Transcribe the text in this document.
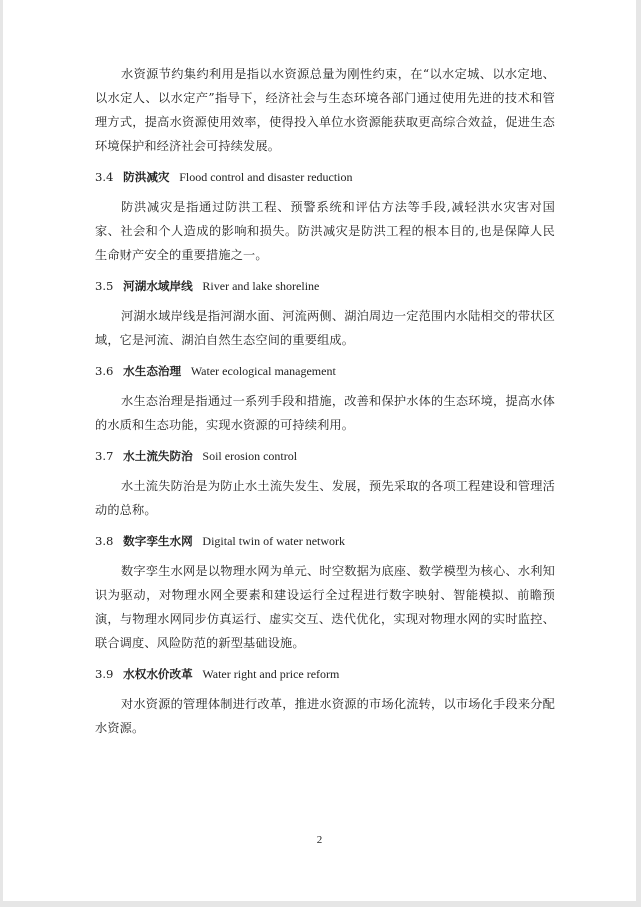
水资源节约集约利用是指以水资源总量为刚性约束，在“以水定城、以水定地、以水定人、以水定产”指导下，经济社会与生态环境各部门通过使用先进的技术和管理方式，提高水资源使用效率，使得投入单位水资源能获取更高综合效益，促进生态环境保护和经济社会可持续发展。

3.4 防洪减灾 Flood control and disaster reduction

防洪减灾是指通过防洪工程、预警系统和评估方法等手段,减轻洪水灾害对国家、社会和个人造成的影响和损失。防洪减灾是防洪工程的根本目的,也是保障人民生命财产安全的重要措施之一。

3.5 河湖水域岸线 River and lake shoreline

河湖水域岸线是指河湖水面、河流两侧、湖泊周边一定范围内水陆相交的带状区域，它是河流、湖泊自然生态空间的重要组成。

3.6 水生态治理 Water ecological management

水生态治理是指通过一系列手段和措施，改善和保护水体的生态环境，提高水体的水质和生态功能，实现水资源的可持续利用。

3.7 水土流失防治 Soil erosion control

水土流失防治是为防止水土流失发生、发展，预先采取的各项工程建设和管理活动的总称。

3.8 数字孪生水网 Digital twin of water network

数字孪生水网是以物理水网为单元、时空数据为底座、数学模型为核心、水利知识为驱动，对物理水网全要素和建设运行全过程进行数字映射、智能模拟、前瞻预演，与物理水网同步仿真运行、虚实交互、迭代优化，实现对物理水网的实时监控、联合调度、风险防范的新型基础设施。

3.9 水权水价改革 Water right and price reform

对水资源的管理体制进行改革，推进水资源的市场化流转，以市场化手段来分配水资源。

2
